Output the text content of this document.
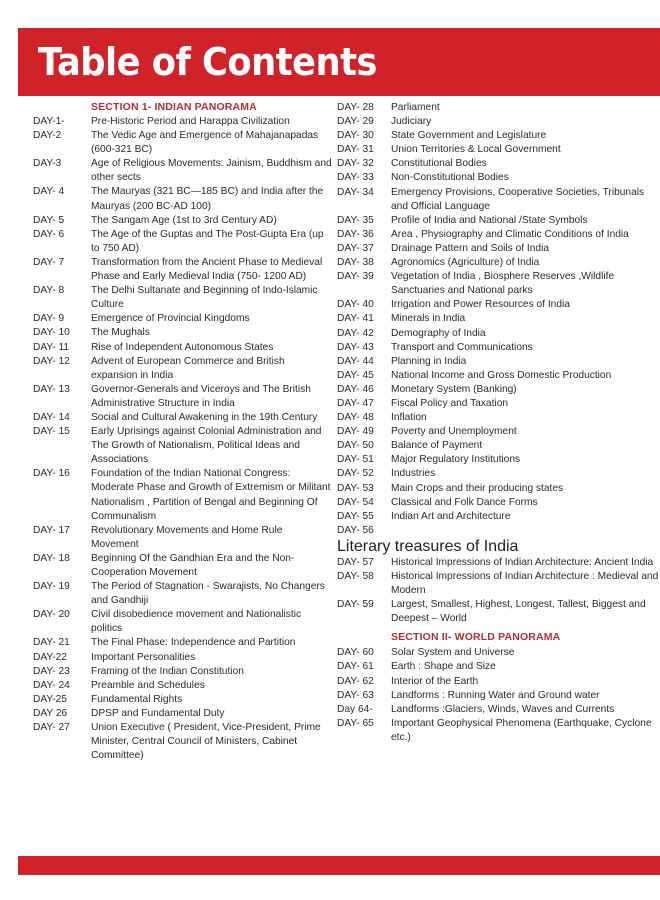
Table of Contents
SECTION 1- INDIAN PANORAMA
DAY-1-	Pre-Historic Period and Harappa Civilization
DAY-2	The Vedic Age and Emergence of Mahajanapadas (600-321 BC)
DAY-3	Age of Religious Movements: Jainism, Buddhism and other sects
DAY- 4	The Mauryas (321 BC—185 BC) and India after the Mauryas (200 BC-AD 100)
DAY- 5	The Sangam Age (1st to 3rd Century AD)
DAY- 6	The Age of the Guptas and The Post-Gupta Era (up to 750 AD)
DAY- 7	Transformation from the Ancient Phase to Medieval Phase and Early Medieval India (750- 1200 AD)
DAY- 8	The Delhi Sultanate and Beginning of Indo-Islamic Culture
DAY- 9	Emergence of Provincial Kingdoms
DAY- 10	The Mughals
DAY- 11	Rise of Independent Autonomous States
DAY- 12	Advent of European Commerce and British expansion in India
DAY- 13	Governor-Generals and Viceroys and The British Administrative Structure in India
DAY- 14	Social and Cultural Awakening in the 19th Century
DAY- 15	Early Uprisings against Colonial Administration and The Growth of Nationalism, Political Ideas and Associations
DAY- 16	Foundation of the Indian National Congress: Moderate Phase and Growth of Extremism or Militant Nationalism , Partition of Bengal and Beginning Of Communalism
DAY- 17	Revolutionary Movements and Home Rule Movement
DAY- 18	Beginning Of the Gandhian Era and the Non-Cooperation Movement
DAY- 19	The Period of Stagnation - Swarajists, No Changers and Gandhiji
DAY- 20	Civil disobedience movement and Nationalistic politics
DAY- 21	The Final Phase: Independence and Partition
DAY-22	Important Personalities
DAY- 23	Framing of the Indian Constitution
DAY- 24	Preamble and Schedules
DAY-25	Fundamental Rights
DAY 26	DPSP and Fundamental Duty
DAY- 27	Union Executive ( President, Vice-President, Prime Minister, Central Council of Ministers, Cabinet Committee)
DAY- 28	Parliament
DAY- 29	Judiciary
DAY- 30	State Government and Legislature
DAY- 31	Union Territories & Local Government
DAY- 32	Constitutional Bodies
DAY- 33	Non-Constitutional Bodies
DAY- 34	Emergency Provisions, Cooperative Societies, Tribunals and Official Language
DAY- 35	Profile of India and National /State Symbols
DAY- 36	Area , Physiography and Climatic Conditions of India
DAY- 37	Drainage Pattern and Soils of India
DAY- 38	Agronomics (Agriculture) of India
DAY- 39	Vegetation of India , Biosphere Reserves ,Wildlife Sanctuaries and National parks
DAY- 40	Irrigation and Power Resources of India
DAY- 41	Minerals in India
DAY- 42	Demography of India
DAY- 43	Transport and Communications
DAY- 44	Planning in India
DAY- 45	National Income and Gross Domestic Production
DAY- 46	Monetary System (Banking)
DAY- 47	Fiscal Policy and Taxation
DAY- 48	Inflation
DAY- 49	Poverty and Unemployment
DAY- 50	Balance of Payment
DAY- 51	Major Regulatory Institutions
DAY- 52	Industries
DAY- 53	Main Crops and their producing states
DAY- 54	Classical and Folk Dance Forms
DAY- 55	Indian Art and Architecture
DAY- 56
Literary treasures of India
DAY- 57	Historical Impressions of Indian Architecture: Ancient India
DAY- 58	Historical Impressions of Indian Architecture : Medieval and Modern
DAY- 59	Largest, Smallest, Highest, Longest, Tallest, Biggest and Deepest – World
SECTION II- WORLD PANORAMA
DAY- 60	Solar System and Universe
DAY- 61	Earth : Shape and Size
DAY- 62	Interior of the Earth
DAY- 63	Landforms : Running Water and Ground water
Day 64-	Landforms :Glaciers, Winds, Waves and Currents
DAY- 65	Important Geophysical Phenomena (Earthquake, Cyclone etc.)
